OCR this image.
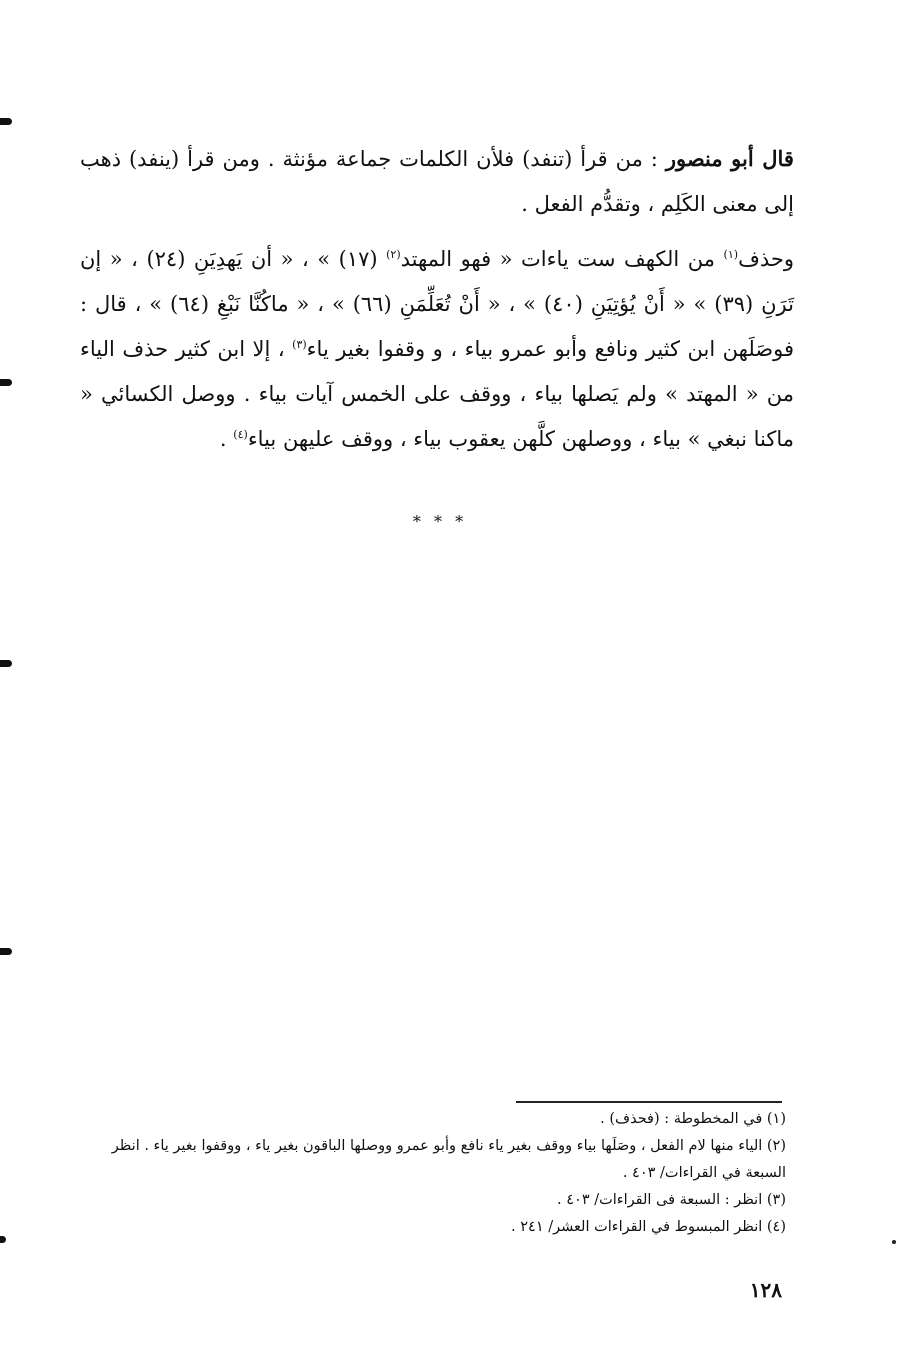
قال أبو منصور : من قرأ (تنفد) فلأن الكلمات جماعة مؤنثة . ومن قرأ (ينفد) ذهب إلى معنى الكَلِم ، وتقدُّم الفعل .

وحذف$^{(١)}$ من الكهف ست ياءات « فهو المهتد$^{(٢)}$ (١٧) » ، « أن يَهدِيَنِ (٢٤) ، « إن تَرَنِ (٣٩) » « أَنْ يُؤتِيَنِ (٤٠) » ، « أَنْ تُعَلِّمَنِ (٦٦) » ، « ماكُنَّا نَبْغِ (٦٤) » ، قال : فوصَلَهن ابن كثير ونافع وأبو عمرو بياء ، و وقفوا بغير ياء$^{(٣)}$ ، إلا ابن كثير حذف الياء من « المهتد » ولم يَصلها بياء ، ووقف على الخمس آيات بياء . ووصل الكسائي « ماكنا نبغي » بياء ، ووصلهن كلَّهن يعقوب بياء ، ووقف عليهن بياء$^{(٤)}$ .

* * *
(١) في المخطوطة : (فحذف) .
(٢) الياء منها لام الفعل ، وصَلَها بياء ووقف بغير ياء نافع وأبو عمرو ووصلها الباقون بغير ياء ، ووقفوا بغير ياء . انظر السبعة في القراءات/ ٤٠٣ .
(٣) انظر : السبعة فى القراءات/ ٤٠٣ .
(٤) انظر المبسوط في القراءات العشر/ ٢٤١ .
١٢٨
